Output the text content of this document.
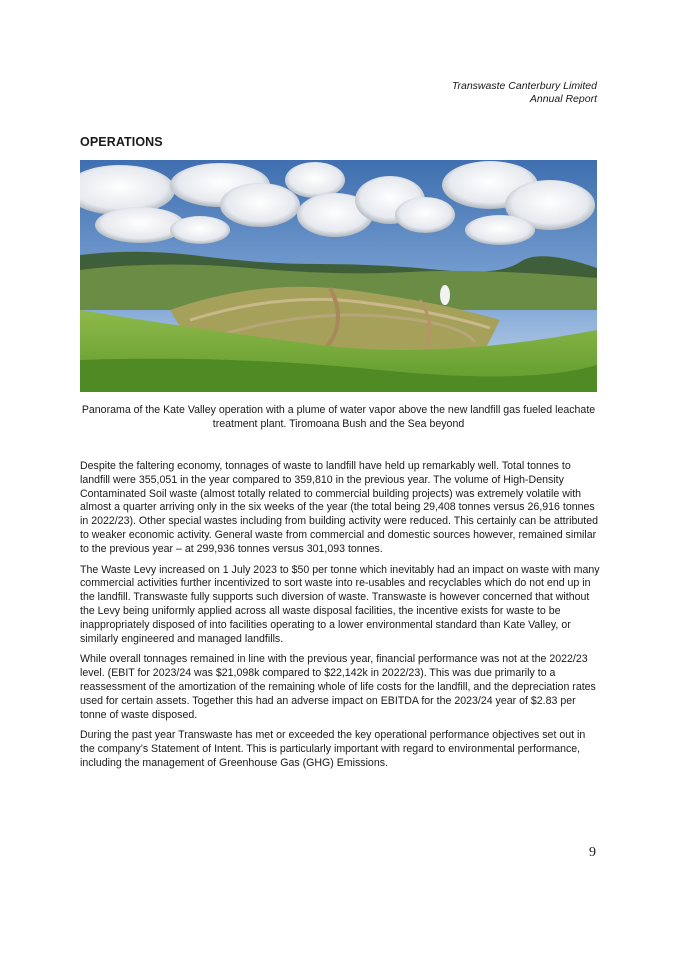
Transwaste Canterbury Limited
Annual Report
OPERATIONS
Panorama of the Kate Valley operation with a plume of water vapor above the new landfill gas fueled leachate treatment plant. Tiromoana Bush and the Sea beyond

Despite the faltering economy, tonnages of waste to landfill have held up remarkably well. Total tonnes to landfill were 355,051 in the year compared to 359,810 in the previous year. The volume of High-Density Contaminated Soil waste (almost totally related to commercial building projects) was extremely volatile with almost a quarter arriving only in the six weeks of the year (the total being 29,408 tonnes versus 26,916 tonnes in 2022/23). Other special wastes including from building activity were reduced. This certainly can be attributed to weaker economic activity. General waste from commercial and domestic sources however, remained similar to the previous year – at 299,936 tonnes versus 301,093 tonnes.

The Waste Levy increased on 1 July 2023 to $50 per tonne which inevitably had an impact on waste with many commercial activities further incentivized to sort waste into re-usables and recyclables which do not end up in the landfill. Transwaste fully supports such diversion of waste. Transwaste is however concerned that without the Levy being uniformly applied across all waste disposal facilities, the incentive exists for waste to be inappropriately disposed of into facilities operating to a lower environmental standard than Kate Valley, or similarly engineered and managed landfills.

While overall tonnages remained in line with the previous year, financial performance was not at the 2022/23 level. (EBIT for 2023/24 was $21,098k compared to $22,142k in 2022/23). This was due primarily to a reassessment of the amortization of the remaining whole of life costs for the landfill, and the depreciation rates used for certain assets. Together this had an adverse impact on EBITDA for the 2023/24 year of $2.83 per tonne of waste disposed.

During the past year Transwaste has met or exceeded the key operational performance objectives set out in the company’s Statement of Intent. This is particularly important with regard to environmental performance, including the management of Greenhouse Gas (GHG) Emissions.

9
